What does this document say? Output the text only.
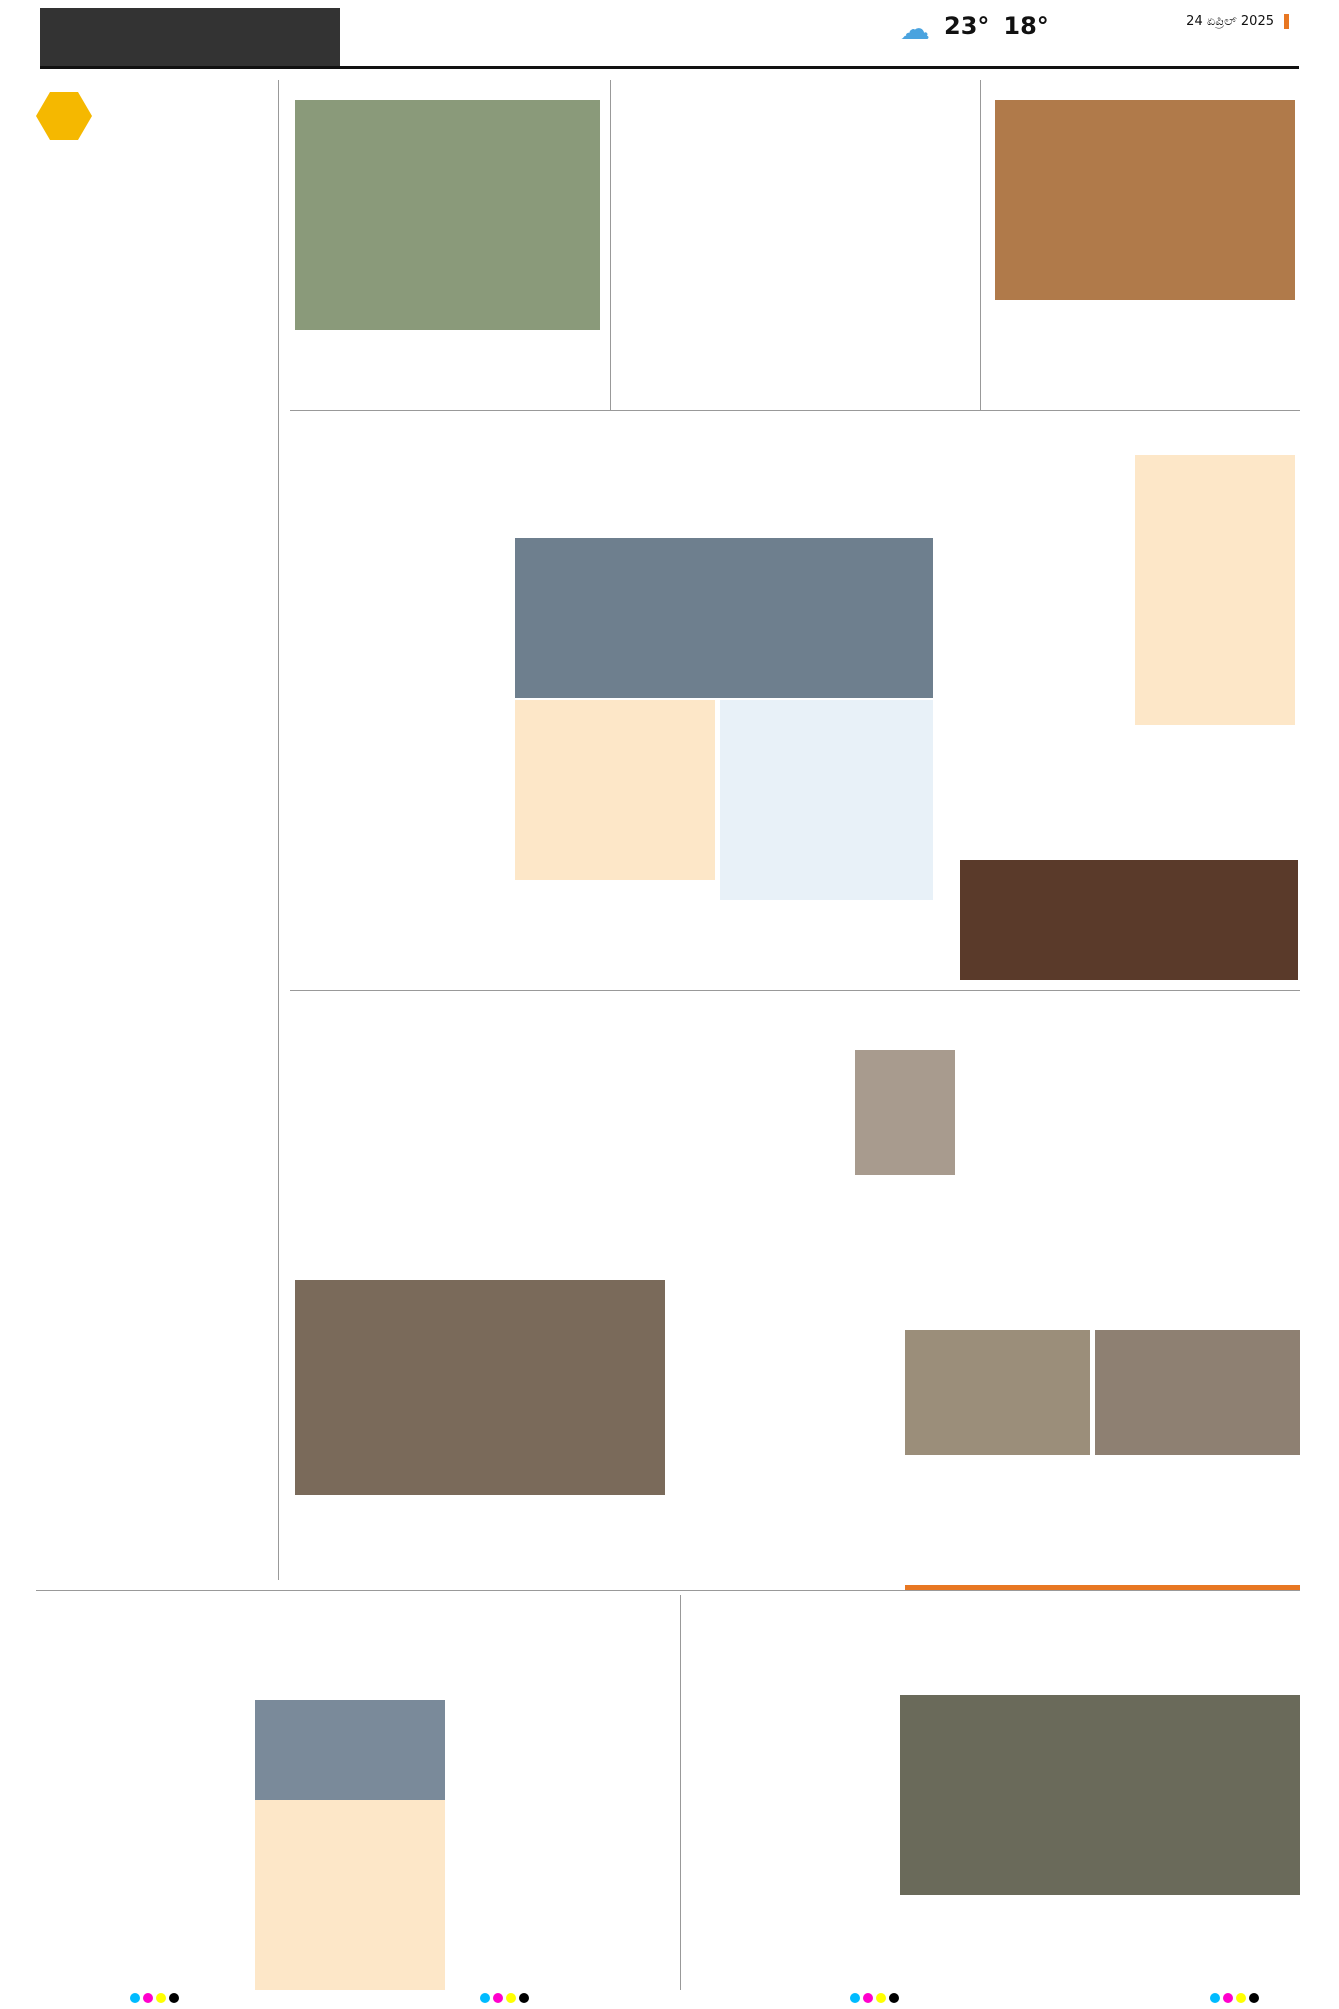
☁ 23° 18°	24 ಏಪ್ರಿಲ್ 2025
